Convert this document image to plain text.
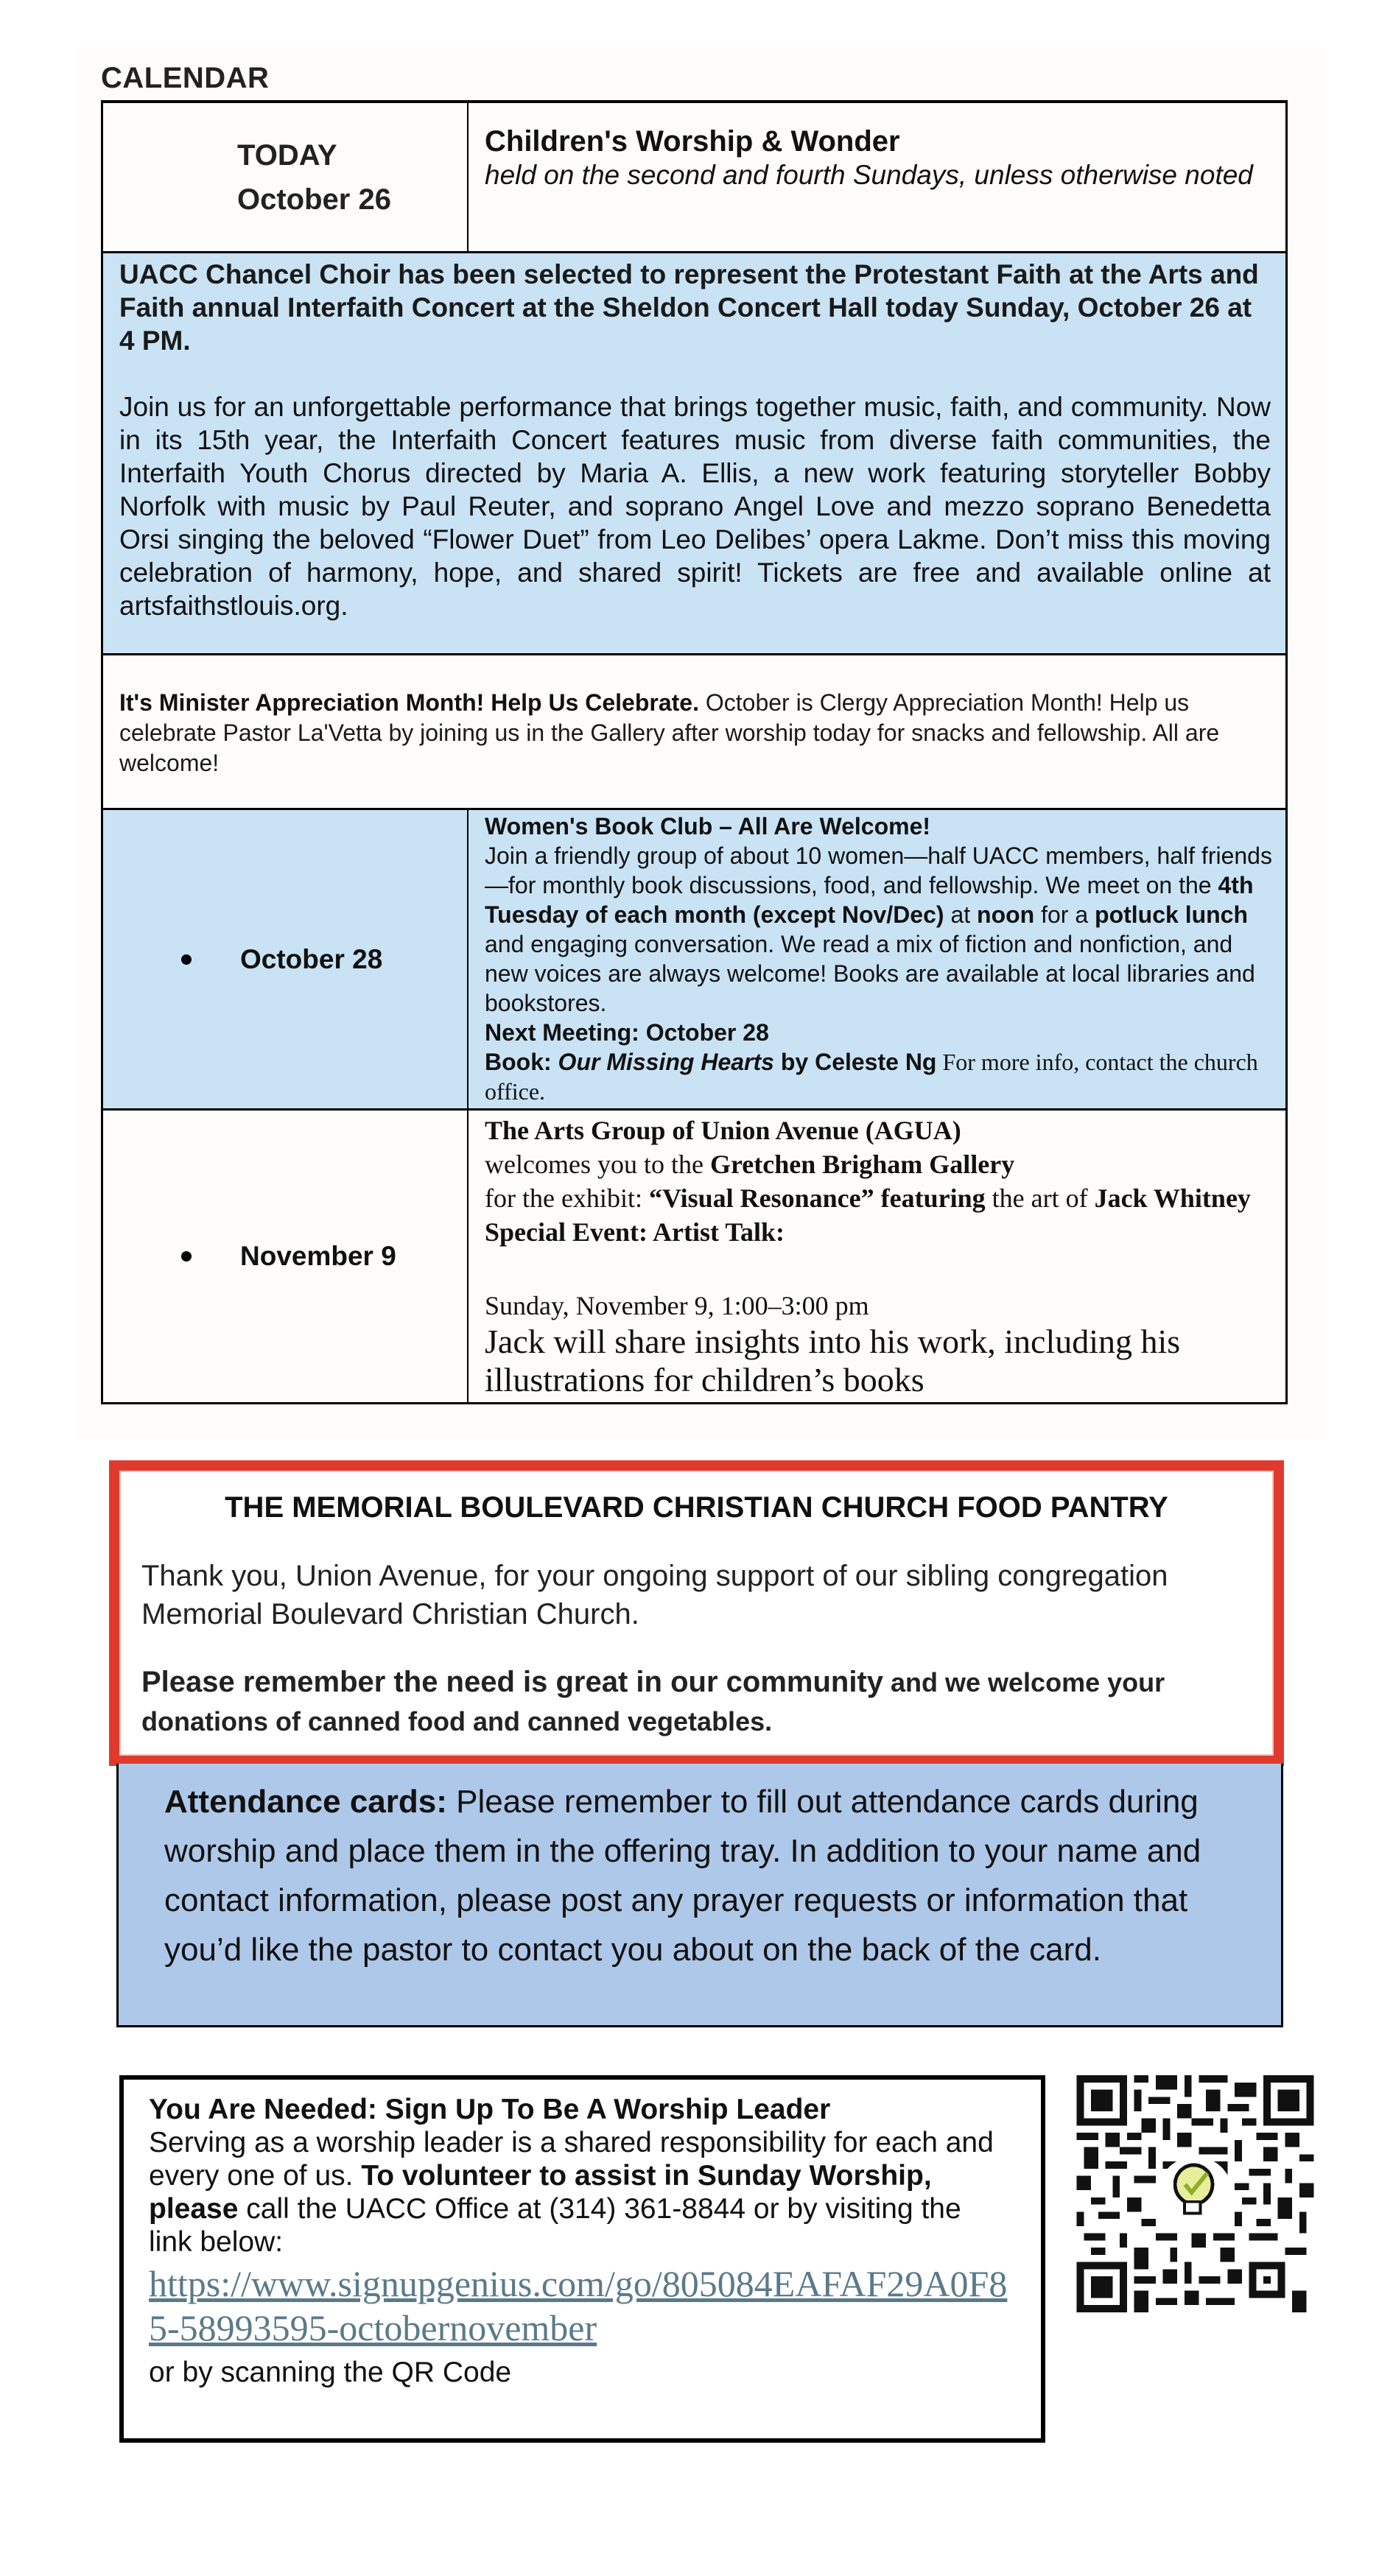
CALENDAR
TODAY
October 26
Children's Worship & Wonder
held on the second and fourth Sundays, unless otherwise noted
UACC Chancel Choir has been selected to represent the Protestant Faith at the Arts and Faith annual Interfaith Concert at the Sheldon Concert Hall today Sunday, October 26 at 4 PM.
Join us for an unforgettable performance that brings together music, faith, and community. Now in its 15th year, the Interfaith Concert features music from diverse faith communities, the Interfaith Youth Chorus directed by Maria A. Ellis, a new work featuring storyteller Bobby Norfolk with music by Paul Reuter, and soprano Angel Love and mezzo soprano Benedetta Orsi singing the beloved “Flower Duet” from Leo Delibes’ opera Lakme. Don’t miss this moving celebration of harmony, hope, and shared spirit! Tickets are free and available online at artsfaithstlouis.org.
It's Minister Appreciation Month! Help Us Celebrate. October is Clergy Appreciation Month! Help us celebrate Pastor La'Vetta by joining us in the Gallery after worship today for snacks and fellowship. All are welcome!
October 28
Women's Book Club – All Are Welcome!
Join a friendly group of about 10 women—half UACC members, half friends—for monthly book discussions, food, and fellowship. We meet on the 4th Tuesday of each month (except Nov/Dec) at noon for a potluck lunch and engaging conversation. We read a mix of fiction and nonfiction, and new voices are always welcome! Books are available at local libraries and bookstores.
Next Meeting: October 28
Book: Our Missing Hearts by Celeste Ng For more info, contact the church office.
November 9
The Arts Group of Union Avenue (AGUA)
welcomes you to the Gretchen Brigham Gallery
for the exhibit: “Visual Resonance” featuring the art of Jack Whitney Special Event: Artist Talk:
Sunday, November 9, 1:00–3:00 pm
Jack will share insights into his work, including his illustrations for children’s books
THE MEMORIAL BOULEVARD CHRISTIAN CHURCH FOOD PANTRY
Thank you, Union Avenue, for your ongoing support of our sibling congregation Memorial Boulevard Christian Church.
Please remember the need is great in our community and we welcome your donations of canned food and canned vegetables.
Attendance cards: Please remember to fill out attendance cards during worship and place them in the offering tray. In addition to your name and contact information, please post any prayer requests or information that you’d like the pastor to contact you about on the back of the card.
You Are Needed: Sign Up To Be A Worship Leader
Serving as a worship leader is a shared responsibility for each and every one of us. To volunteer to assist in Sunday Worship, please call the UACC Office at (314) 361-8844 or by visiting the link below:
https://www.signupgenius.com/go/805084EAFAF29A0F85-58993595-octobernovember
or by scanning the QR Code
